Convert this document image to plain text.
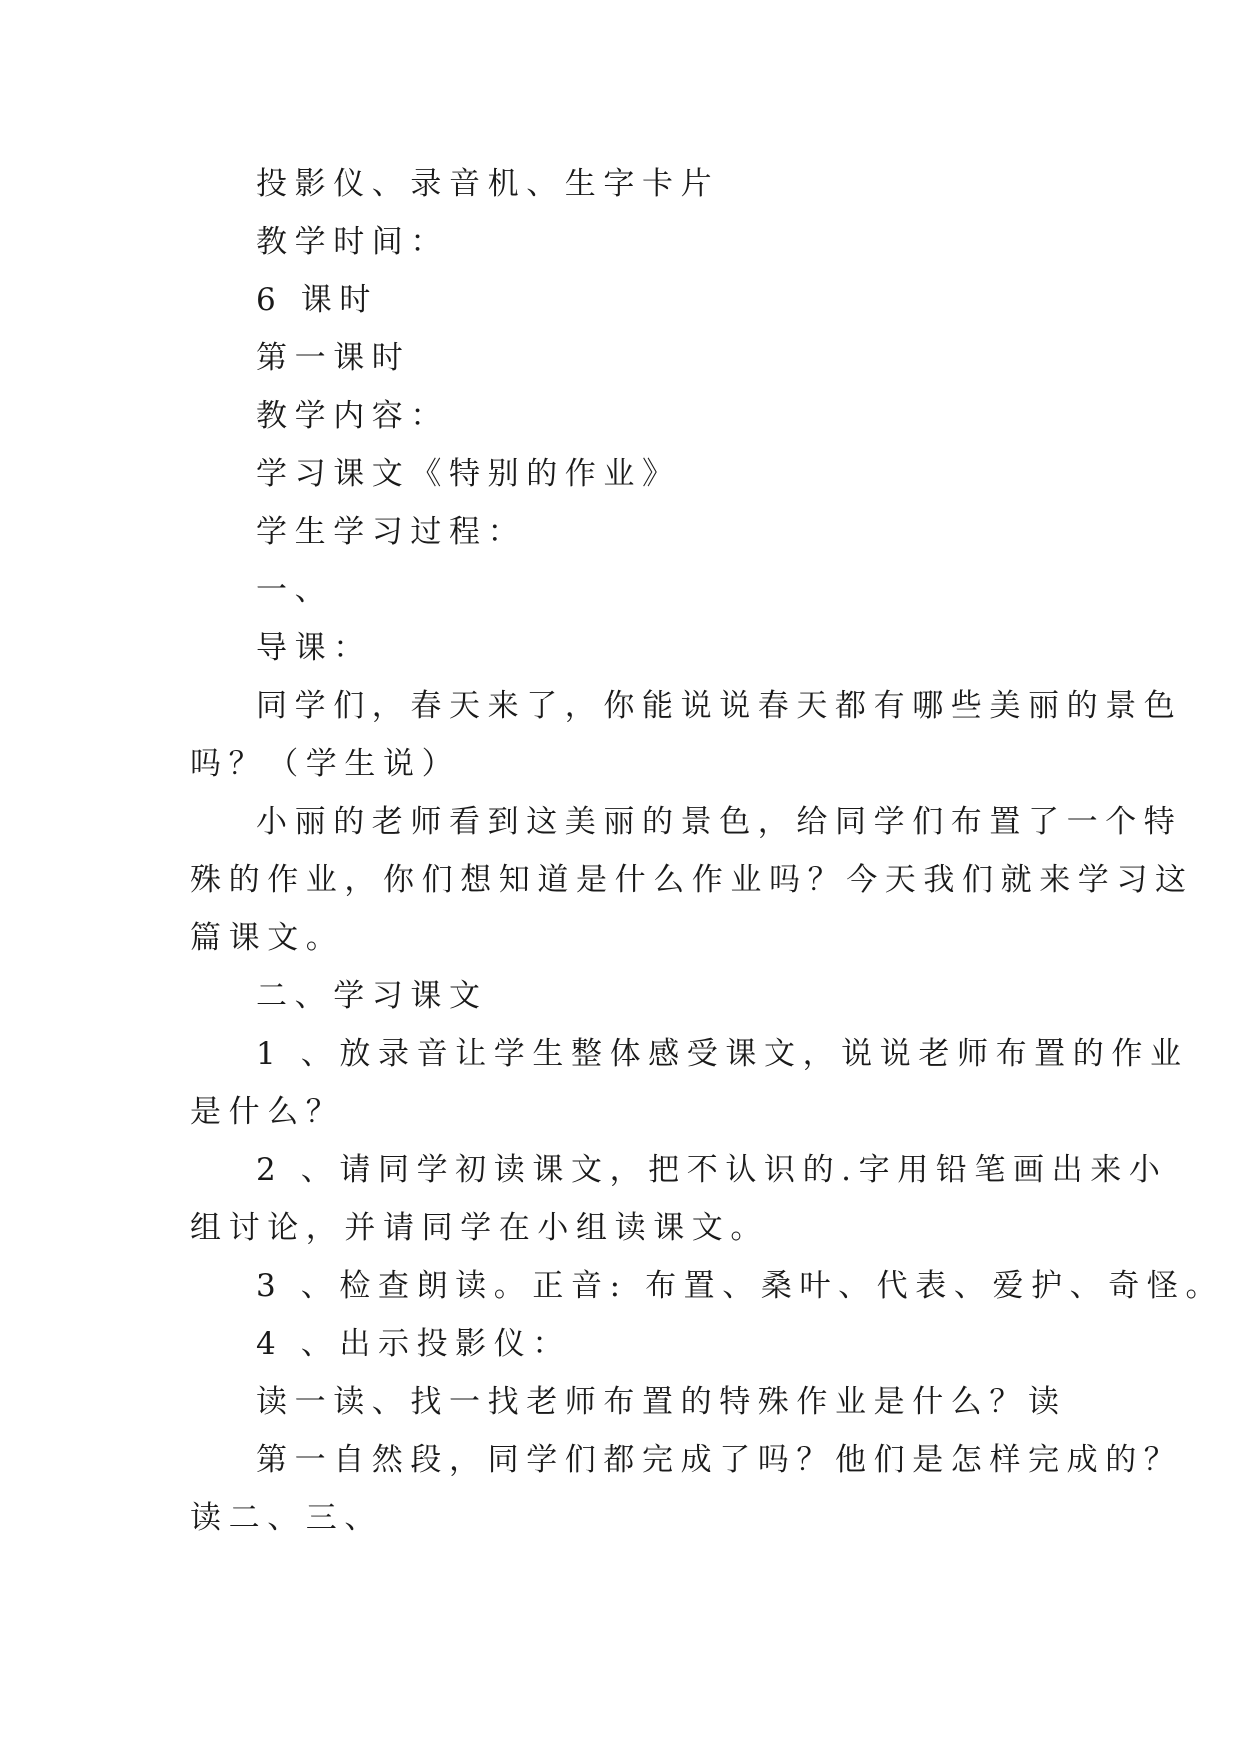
投影仪、录音机、生字卡片
教学时间：
6 课时
第一课时
教学内容：
学习课文《特别的作业》
学生学习过程：
一、
导课：
同学们，春天来了，你能说说春天都有哪些美丽的景色
吗？（学生说）
小丽的老师看到这美丽的景色，给同学们布置了一个特
殊的作业，你们想知道是什么作业吗？今天我们就来学习这
篇课文。
二、学习课文
1 、放录音让学生整体感受课文，说说老师布置的作业
是什么？
2 、请同学初读课文，把不认识的.字用铅笔画出来小
组讨论，并请同学在小组读课文。
3 、检查朗读。正音: 布置、桑叶、代表、爱护、奇怪。
4 、出示投影仪：
读一读、找一找老师布置的特殊作业是什么？读
第一自然段，同学们都完成了吗？他们是怎样完成的？
读二、三、
